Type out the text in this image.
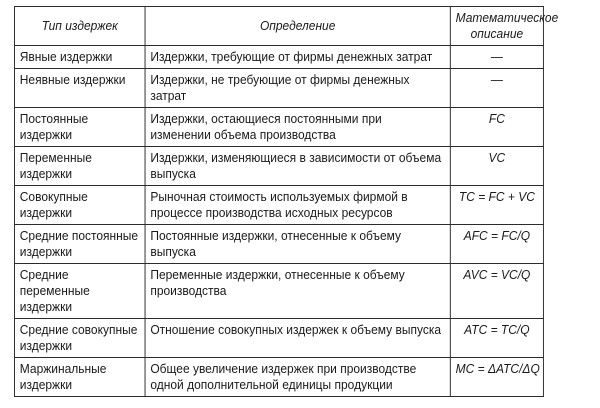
Тип издержек	Определение	Математическое описание
Явные издержки	Издержки, требующие от фирмы денежных затрат	—
Неявные издержки	Издержки, не требующие от фирмы денежных затрат	—
Постоянные издержки	Издержки, остающиеся постоянными при изменении объема производства	FC
Переменные издержки	Издержки, изменяющиеся в зависимости от объема выпуска	VC
Совокупные издержки	Рыночная стоимость используемых фирмой в процессе производства исходных ресурсов	TC = FC + VC
Средние постоянные издержки	Постоянные издержки, отнесенные к объему выпуска	AFC = FC/Q
Средние переменные издержки	Переменные издержки, отнесенные к объему производства	AVC = VC/Q
Средние совокупные издержки	Отношение совокупных издержек к объему выпуска	ATC = TC/Q
Маржинальные издержки	Общее увеличение издержек при производстве одной дополнительной единицы продукции	MC = ΔATC/ΔQ
